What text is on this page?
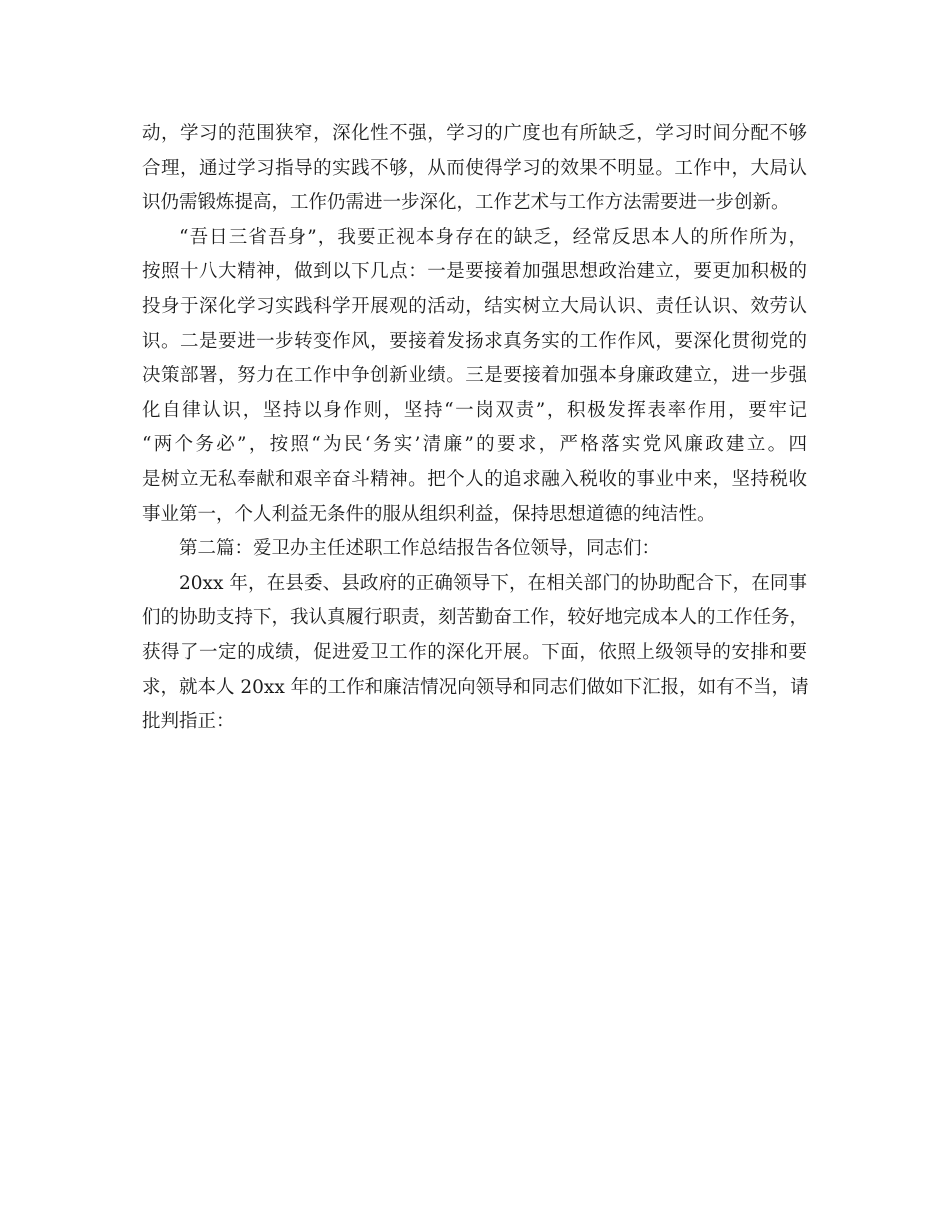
动，学习的范围狭窄，深化性不强，学习的广度也有所缺乏，学习时间分配不够
合理，通过学习指导的实践不够，从而使得学习的效果不明显。工作中，大局认
识仍需锻炼提高，工作仍需进一步深化，工作艺术与工作方法需要进一步创新。
“吾日三省吾身”，我要正视本身存在的缺乏，经常反思本人的所作所为，
按照十八大精神，做到以下几点：一是要接着加强思想政治建立，要更加积极的
投身于深化学习实践科学开展观的活动，结实树立大局认识、责任认识、效劳认
识。二是要进一步转变作风，要接着发扬求真务实的工作作风，要深化贯彻党的
决策部署，努力在工作中争创新业绩。三是要接着加强本身廉政建立，进一步强
化自律认识，坚持以身作则，坚持“一岗双责”，积极发挥表率作用，要牢记
“两个务必”，按照“为民‘务实’清廉”的要求，严格落实党风廉政建立。四
是树立无私奉献和艰辛奋斗精神。把个人的追求融入税收的事业中来，坚持税收
事业第一，个人利益无条件的服从组织利益，保持思想道德的纯洁性。
第二篇：爱卫办主任述职工作总结报告各位领导，同志们：
20xx 年，在县委、县政府的正确领导下，在相关部门的协助配合下，在同事
们的协助支持下，我认真履行职责，刻苦勤奋工作，较好地完成本人的工作任务，
获得了一定的成绩，促进爱卫工作的深化开展。下面，依照上级领导的安排和要
求，就本人 20xx 年的工作和廉洁情况向领导和同志们做如下汇报，如有不当，请
批判指正：
